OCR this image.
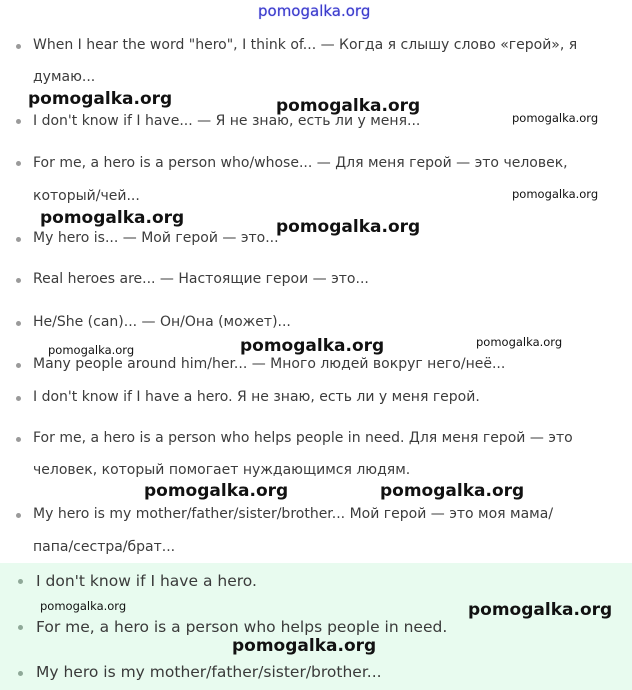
When I hear the word "hero", I think of... — Когда я слышу слово «герой», я
думаю...
I don't know if I have... — Я не знаю, есть ли у меня...
For me, a hero is a person who/whose... — Для меня герой — это человек,
который/чей...
My hero is... — Мой герой — это...
Real heroes are... — Настоящие герои — это...
He/She (can)... — Он/Она (может)...
Many people around him/her... — Много людей вокруг него/неё...
I don't know if I have a hero. Я не знаю, есть ли у меня герой.
For me, a hero is a person who helps people in need. Для меня герой — это
человек, который помогает нуждающимся людям.
My hero is my mother/father/sister/brother... Мой герой — это моя мама/
папа/сестра/брат...
I don't know if I have a hero.
For me, a hero is a person who helps people in need.
My hero is my mother/father/sister/brother...
pomogalka.org
pomogalka.org	pomogalka.org
pomogalka.org
pomogalka.org
pomogalka.org	pomogalka.org
pomogalka.org
pomogalka.org	pomogalka.org
pomogalka.org	pomogalka.org
pomogalka.org	pomogalka.org
pomogalka.org
